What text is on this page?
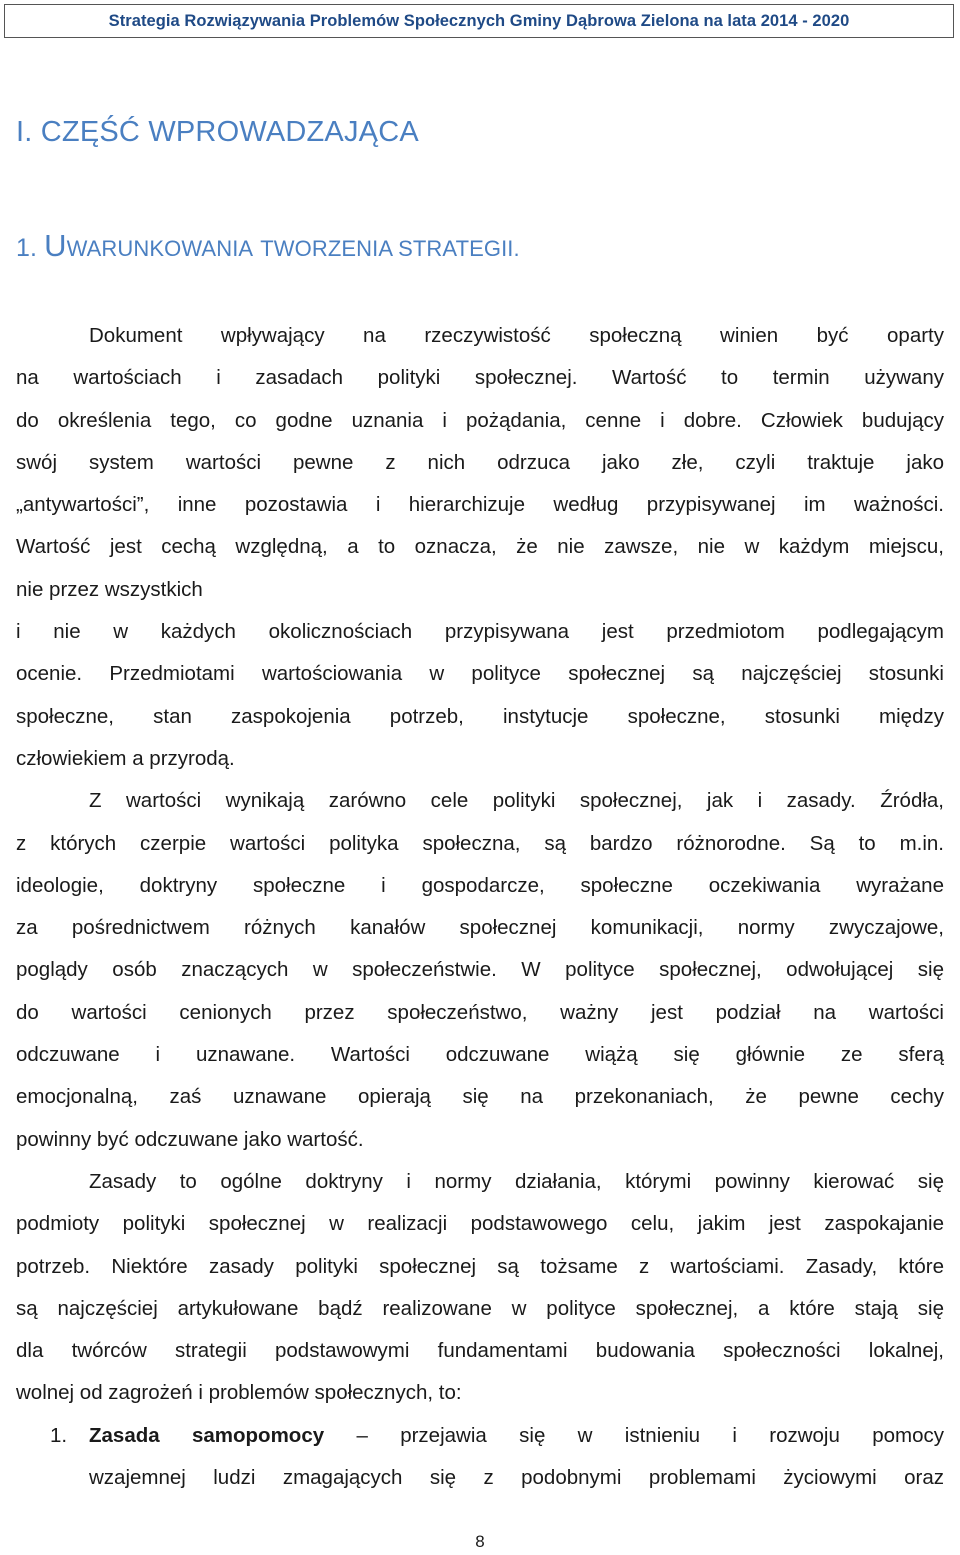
Strategia Rozwiązywania Problemów Społecznych Gminy Dąbrowa Zielona na lata 2014 - 2020
I. CZĘŚĆ WPROWADZAJĄCA
1. UWARUNKOWANIA TWORZENIA STRATEGII.
Dokument wpływający na rzeczywistość społeczną winien być oparty
na wartościach i zasadach polityki społecznej. Wartość to termin używany
do określenia tego, co godne uznania i pożądania, cenne i dobre. Człowiek budujący
swój system wartości pewne z nich odrzuca jako złe, czyli traktuje jako
„antywartości”, inne pozostawia i hierarchizuje według przypisywanej im ważności.
Wartość jest cechą względną, a to oznacza, że nie zawsze, nie w każdym miejscu,
nie przez wszystkich
i nie w każdych okolicznościach przypisywana jest przedmiotom podlegającym
ocenie. Przedmiotami wartościowania w polityce społecznej są najczęściej stosunki
społeczne, stan zaspokojenia potrzeb, instytucje społeczne, stosunki między
człowiekiem a przyrodą.
Z wartości wynikają zarówno cele polityki społecznej, jak i zasady. Źródła,
z których czerpie wartości polityka społeczna, są bardzo różnorodne. Są to m.in.
ideologie, doktryny społeczne i gospodarcze, społeczne oczekiwania wyrażane
za pośrednictwem różnych kanałów społecznej komunikacji, normy zwyczajowe,
poglądy osób znaczących w społeczeństwie. W polityce społecznej, odwołującej się
do wartości cenionych przez społeczeństwo, ważny jest podział na wartości
odczuwane i uznawane. Wartości odczuwane wiążą się głównie ze sferą
emocjonalną, zaś uznawane opierają się na przekonaniach, że pewne cechy
powinny być odczuwane jako wartość.
Zasady to ogólne doktryny i normy działania, którymi powinny kierować się
podmioty polityki społecznej w realizacji podstawowego celu, jakim jest zaspokajanie
potrzeb. Niektóre zasady polityki społecznej są tożsame z wartościami. Zasady, które
są najczęściej artykułowane bądź realizowane w polityce społecznej, a które stają się
dla twórców strategii podstawowymi fundamentami budowania społeczności lokalnej,
wolnej od zagrożeń i problemów społecznych, to:
1. Zasada samopomocy – przejawia się w istnieniu i rozwoju pomocy
wzajemnej ludzi zmagających się z podobnymi problemami życiowymi oraz
8
